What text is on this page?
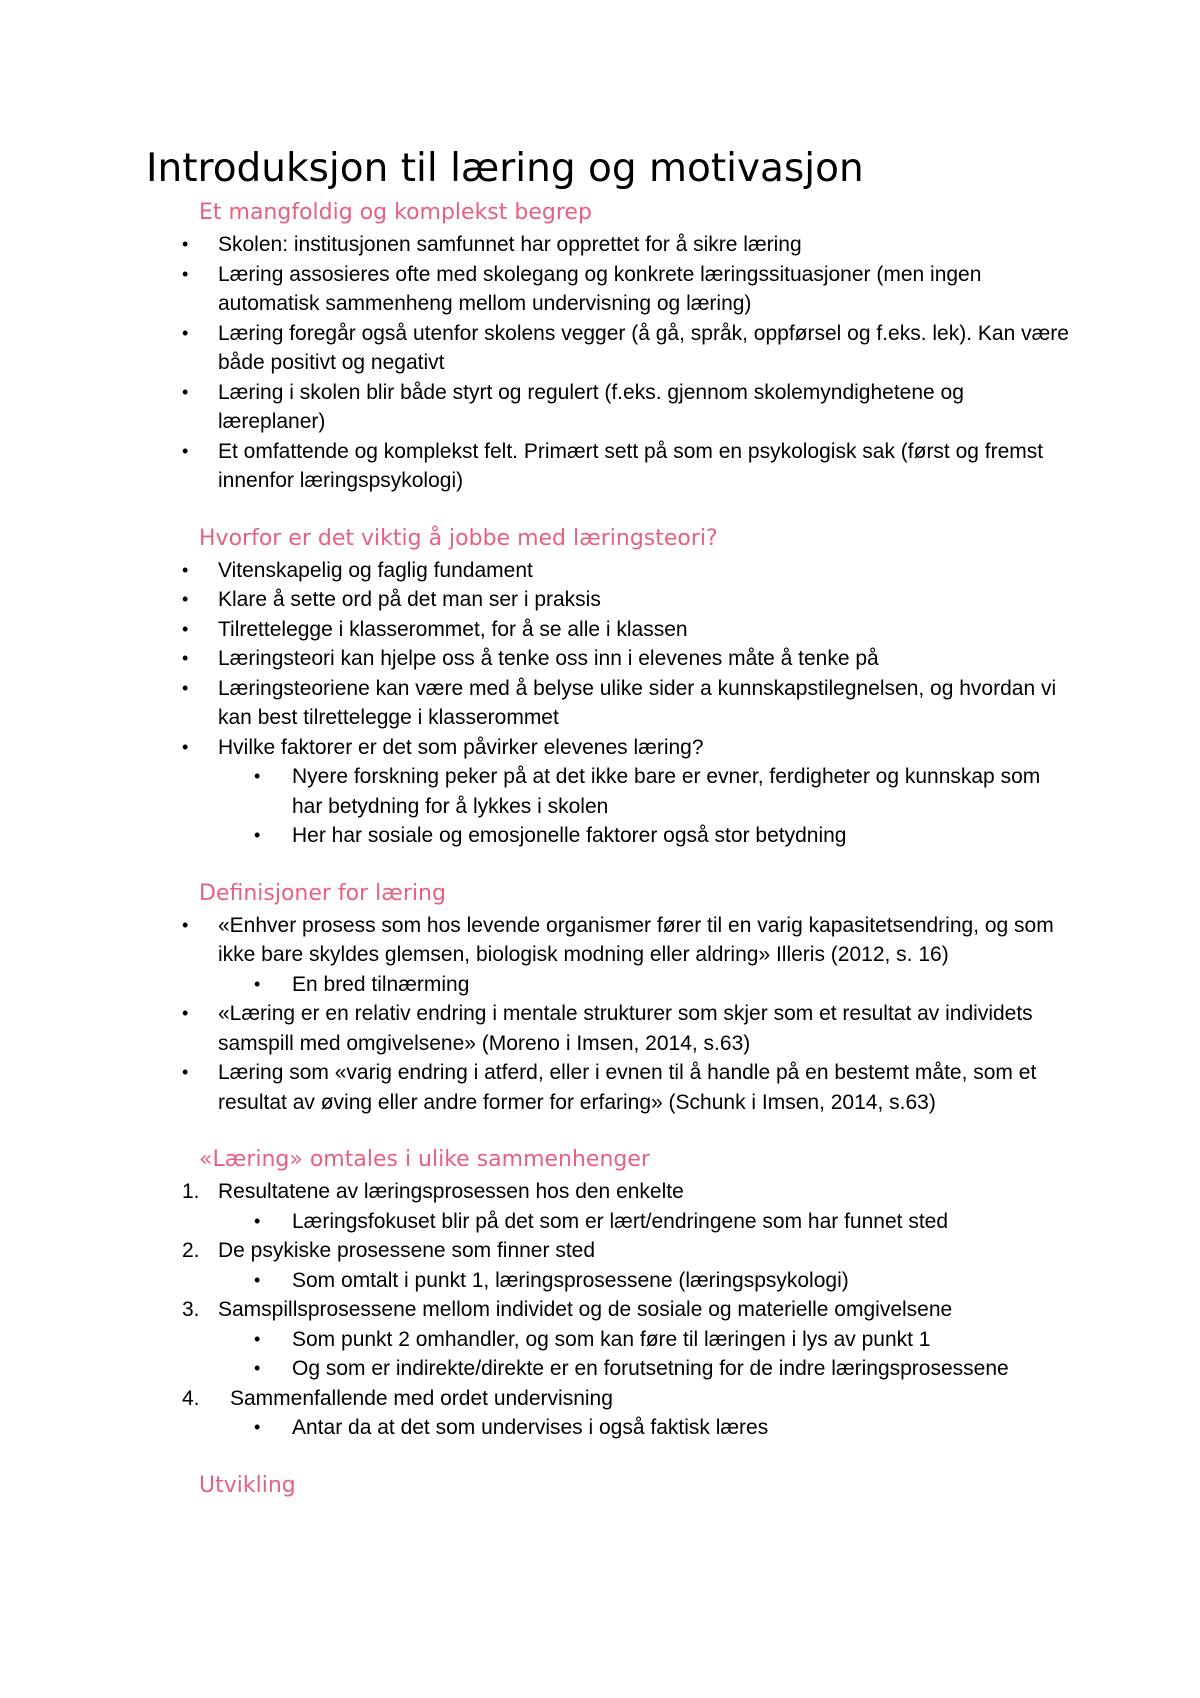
Introduksjon til læring og motivasjon
Et mangfoldig og komplekst begrep
•	Skolen: institusjonen samfunnet har opprettet for å sikre læring
•	Læring assosieres ofte med skolegang og konkrete læringssituasjoner (men ingen automatisk sammenheng mellom undervisning og læring)
•	Læring foregår også utenfor skolens vegger (å gå, språk, oppførsel og f.eks. lek). Kan være både positivt og negativt
•	Læring i skolen blir både styrt og regulert (f.eks. gjennom skolemyndighetene og læreplaner)
•	Et omfattende og komplekst felt. Primært sett på som en psykologisk sak (først og fremst innenfor læringspsykologi)
Hvorfor er det viktig å jobbe med læringsteori?
•	Vitenskapelig og faglig fundament
•	Klare å sette ord på det man ser i praksis
•	Tilrettelegge i klasserommet, for å se alle i klassen
•	Læringsteori kan hjelpe oss å tenke oss inn i elevenes måte å tenke på
•	Læringsteoriene kan være med å belyse ulike sider a kunnskapstilegnelsen, og hvordan vi kan best tilrettelegge i klasserommet
•	Hvilke faktorer er det som påvirker elevenes læring?
•	Nyere forskning peker på at det ikke bare er evner, ferdigheter og kunnskap som har betydning for å lykkes i skolen
•	Her har sosiale og emosjonelle faktorer også stor betydning
Definisjoner for læring
•	«Enhver prosess som hos levende organismer fører til en varig kapasitetsendring, og som ikke bare skyldes glemsen, biologisk modning eller aldring» Illeris (2012, s. 16)
•	En bred tilnærming
•	«Læring er en relativ endring i mentale strukturer som skjer som et resultat av individets samspill med omgivelsene» (Moreno i Imsen, 2014, s.63)
•	Læring som «varig endring i atferd, eller i evnen til å handle på en bestemt måte, som et resultat av øving eller andre former for erfaring» (Schunk i Imsen, 2014, s.63)
«Læring» omtales i ulike sammenhenger
1. Resultatene av læringsprosessen hos den enkelte
•	Læringsfokuset blir på det som er lært/endringene som har funnet sted
2. De psykiske prosessene som finner sted
•	Som omtalt i punkt 1, læringsprosessene (læringspsykologi)
3. Samspillsprosessene mellom individet og de sosiale og materielle omgivelsene
•	Som punkt 2 omhandler, og som kan føre til læringen i lys av punkt 1
•	Og som er indirekte/direkte er en forutsetning for de indre læringsprosessene
4.	Sammenfallende med ordet undervisning
•	Antar da at det som undervises i også faktisk læres
Utvikling
